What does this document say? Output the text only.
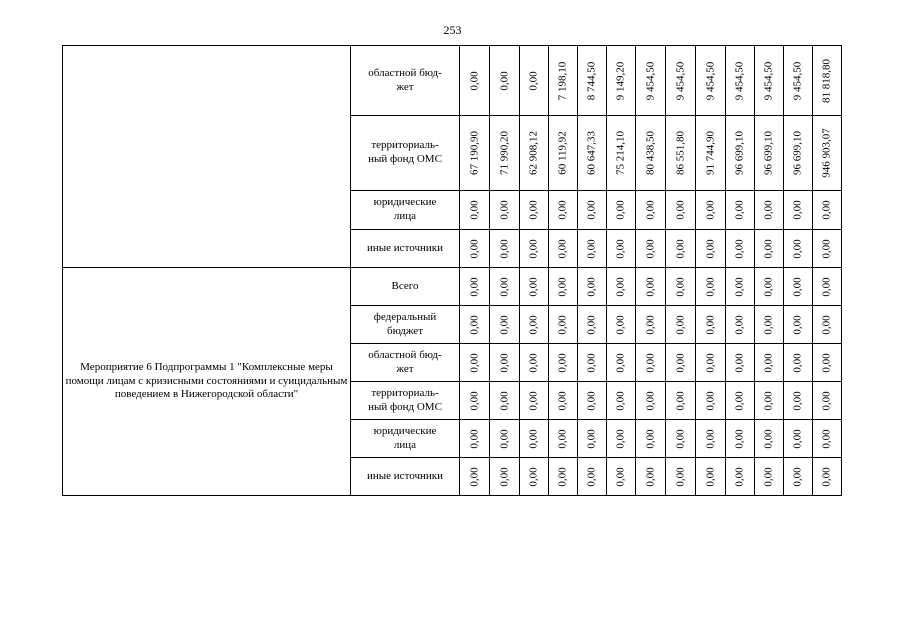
253
	областной бюд-
жет	0,00	0,00	0,00	7 198,10	8 744,50	9 149,20	9 454,50	9 454,50	9 454,50	9 454,50	9 454,50	9 454,50	81 818,80

	территориаль-
ный фонд ОМС	67 190,90	71 990,20	62 908,12	60 119,92	60 647,33	75 214,10	80 438,50	86 551,80	91 744,90	96 699,10	96 699,10	96 699,10	946 903,07

	юридические
лица	0,00	0,00	0,00	0,00	0,00	0,00	0,00	0,00	0,00	0,00	0,00	0,00	0,00

	иные источники	0,00	0,00	0,00	0,00	0,00	0,00	0,00	0,00	0,00	0,00	0,00	0,00	0,00

Мероприятие 6 Подпрограммы 1 "Комплексные меры помощи лицам с кризисными состояниями и суицидальным поведением в Нижегородской области"	Всего	0,00	0,00	0,00	0,00	0,00	0,00	0,00	0,00	0,00	0,00	0,00	0,00	0,00

	федеральный
бюджет	0,00	0,00	0,00	0,00	0,00	0,00	0,00	0,00	0,00	0,00	0,00	0,00	0,00

	областной бюд-
жет	0,00	0,00	0,00	0,00	0,00	0,00	0,00	0,00	0,00	0,00	0,00	0,00	0,00

	территориаль-
ный фонд ОМС	0,00	0,00	0,00	0,00	0,00	0,00	0,00	0,00	0,00	0,00	0,00	0,00	0,00

	юридические
лица	0,00	0,00	0,00	0,00	0,00	0,00	0,00	0,00	0,00	0,00	0,00	0,00	0,00

	иные источники	0,00	0,00	0,00	0,00	0,00	0,00	0,00	0,00	0,00	0,00	0,00	0,00	0,00
